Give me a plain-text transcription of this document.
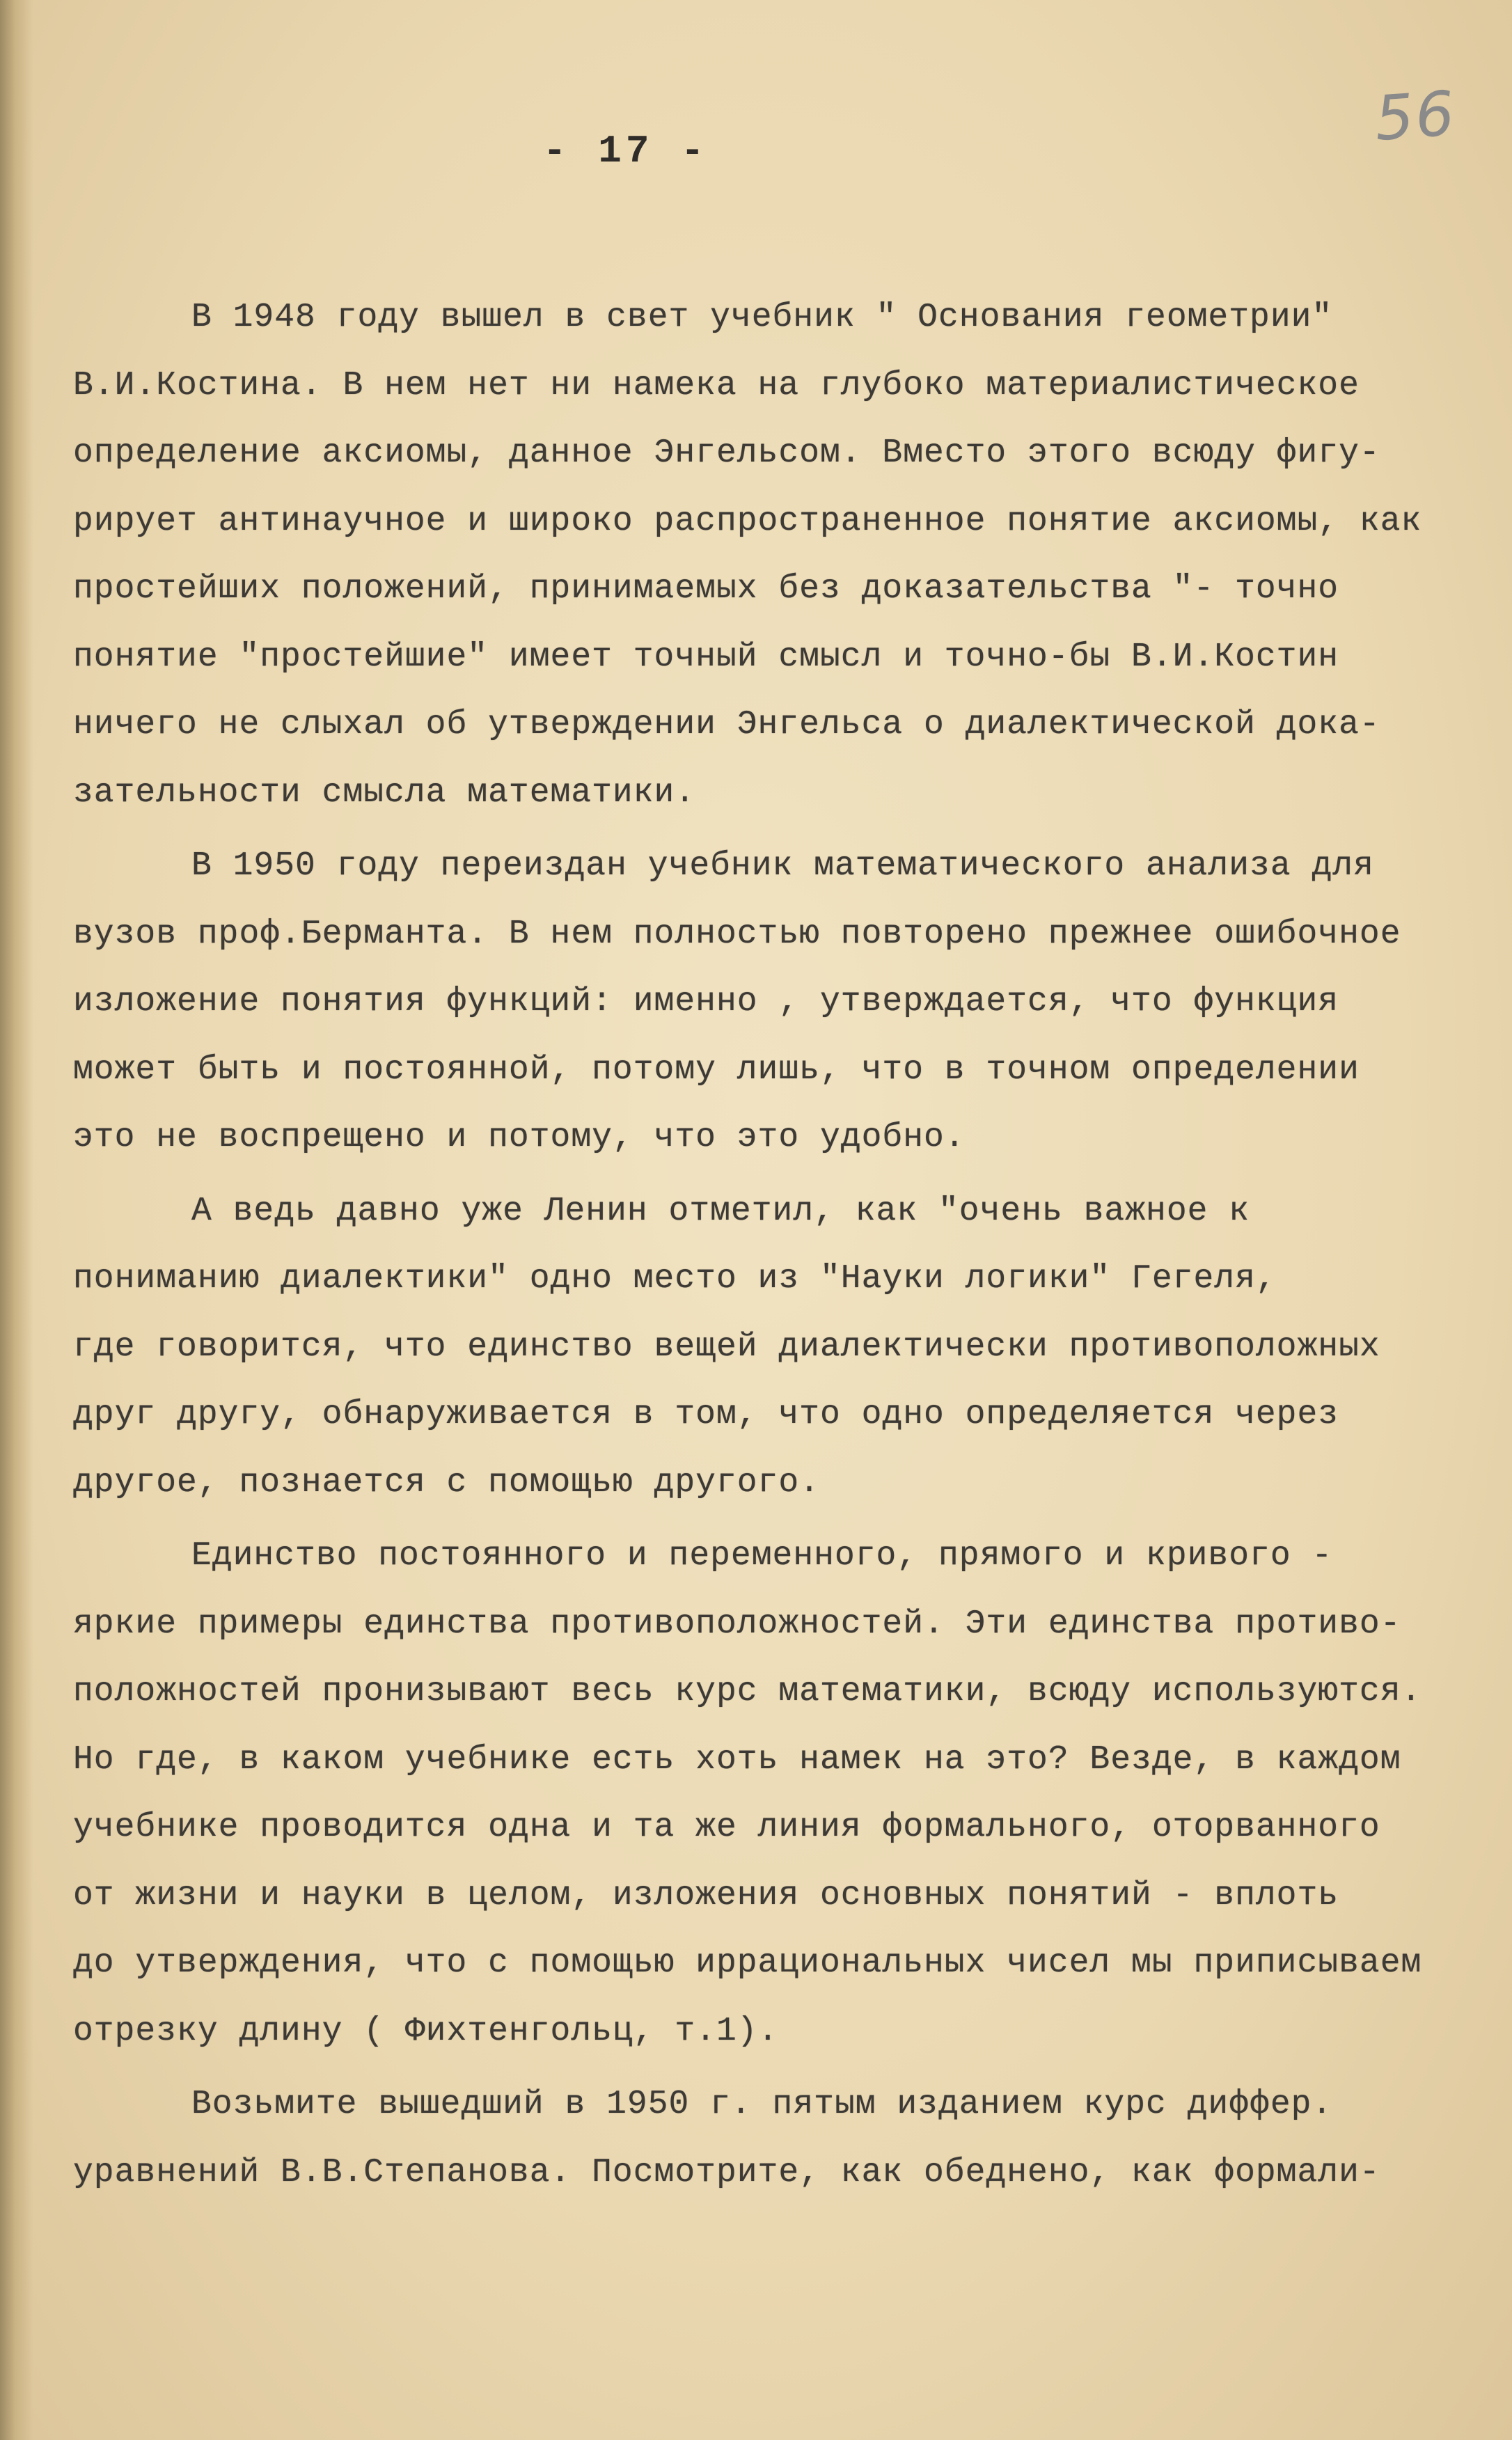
56
- 17 -
В 1948 году вышел в свет учебник " Основания геометрии"
В.И.Костина. В нем нет ни намека на глубоко материалистическое
определение аксиомы, данное Энгельсом. Вместо этого всюду фигу-
рирует антинаучное и широко распространенное понятие аксиомы, как
простейших положений, принимаемых без доказательства "- точно
понятие "простейшие" имеет точный смысл и точно-бы В.И.Костин
ничего не слыхал об утверждении Энгельса о диалектической дока-
зательности смысла математики.
В 1950 году переиздан учебник математического анализа для
вузов проф.Берманта. В нем полностью повторено прежнее ошибочное
изложение понятия функций: именно , утверждается, что функция
может быть и постоянной, потому лишь, что в точном определении
это не воспрещено и потому, что это удобно.
А ведь давно уже Ленин отметил, как "очень важное к
пониманию диалектики" одно место из "Науки логики" Гегеля,
где говорится, что единство вещей диалектически противоположных
друг другу, обнаруживается в том, что одно определяется через
другое, познается с помощью другого.
Единство постоянного и переменного, прямого и кривого -
яркие примеры единства противоположностей. Эти единства противо-
положностей пронизывают весь курс математики, всюду используются.
Но где, в каком учебнике есть хоть намек на это? Везде, в каждом
учебнике проводится одна и та же линия формального, оторванного
от жизни и науки в целом, изложения основных понятий - вплоть
до утверждения, что с помощью иррациональных чисел мы приписываем
отрезку длину ( Фихтенгольц, т.1).
Возьмите вышедший в 1950 г. пятым изданием курс диффер.
уравнений В.В.Степанова. Посмотрите, как обеднено, как формали-
